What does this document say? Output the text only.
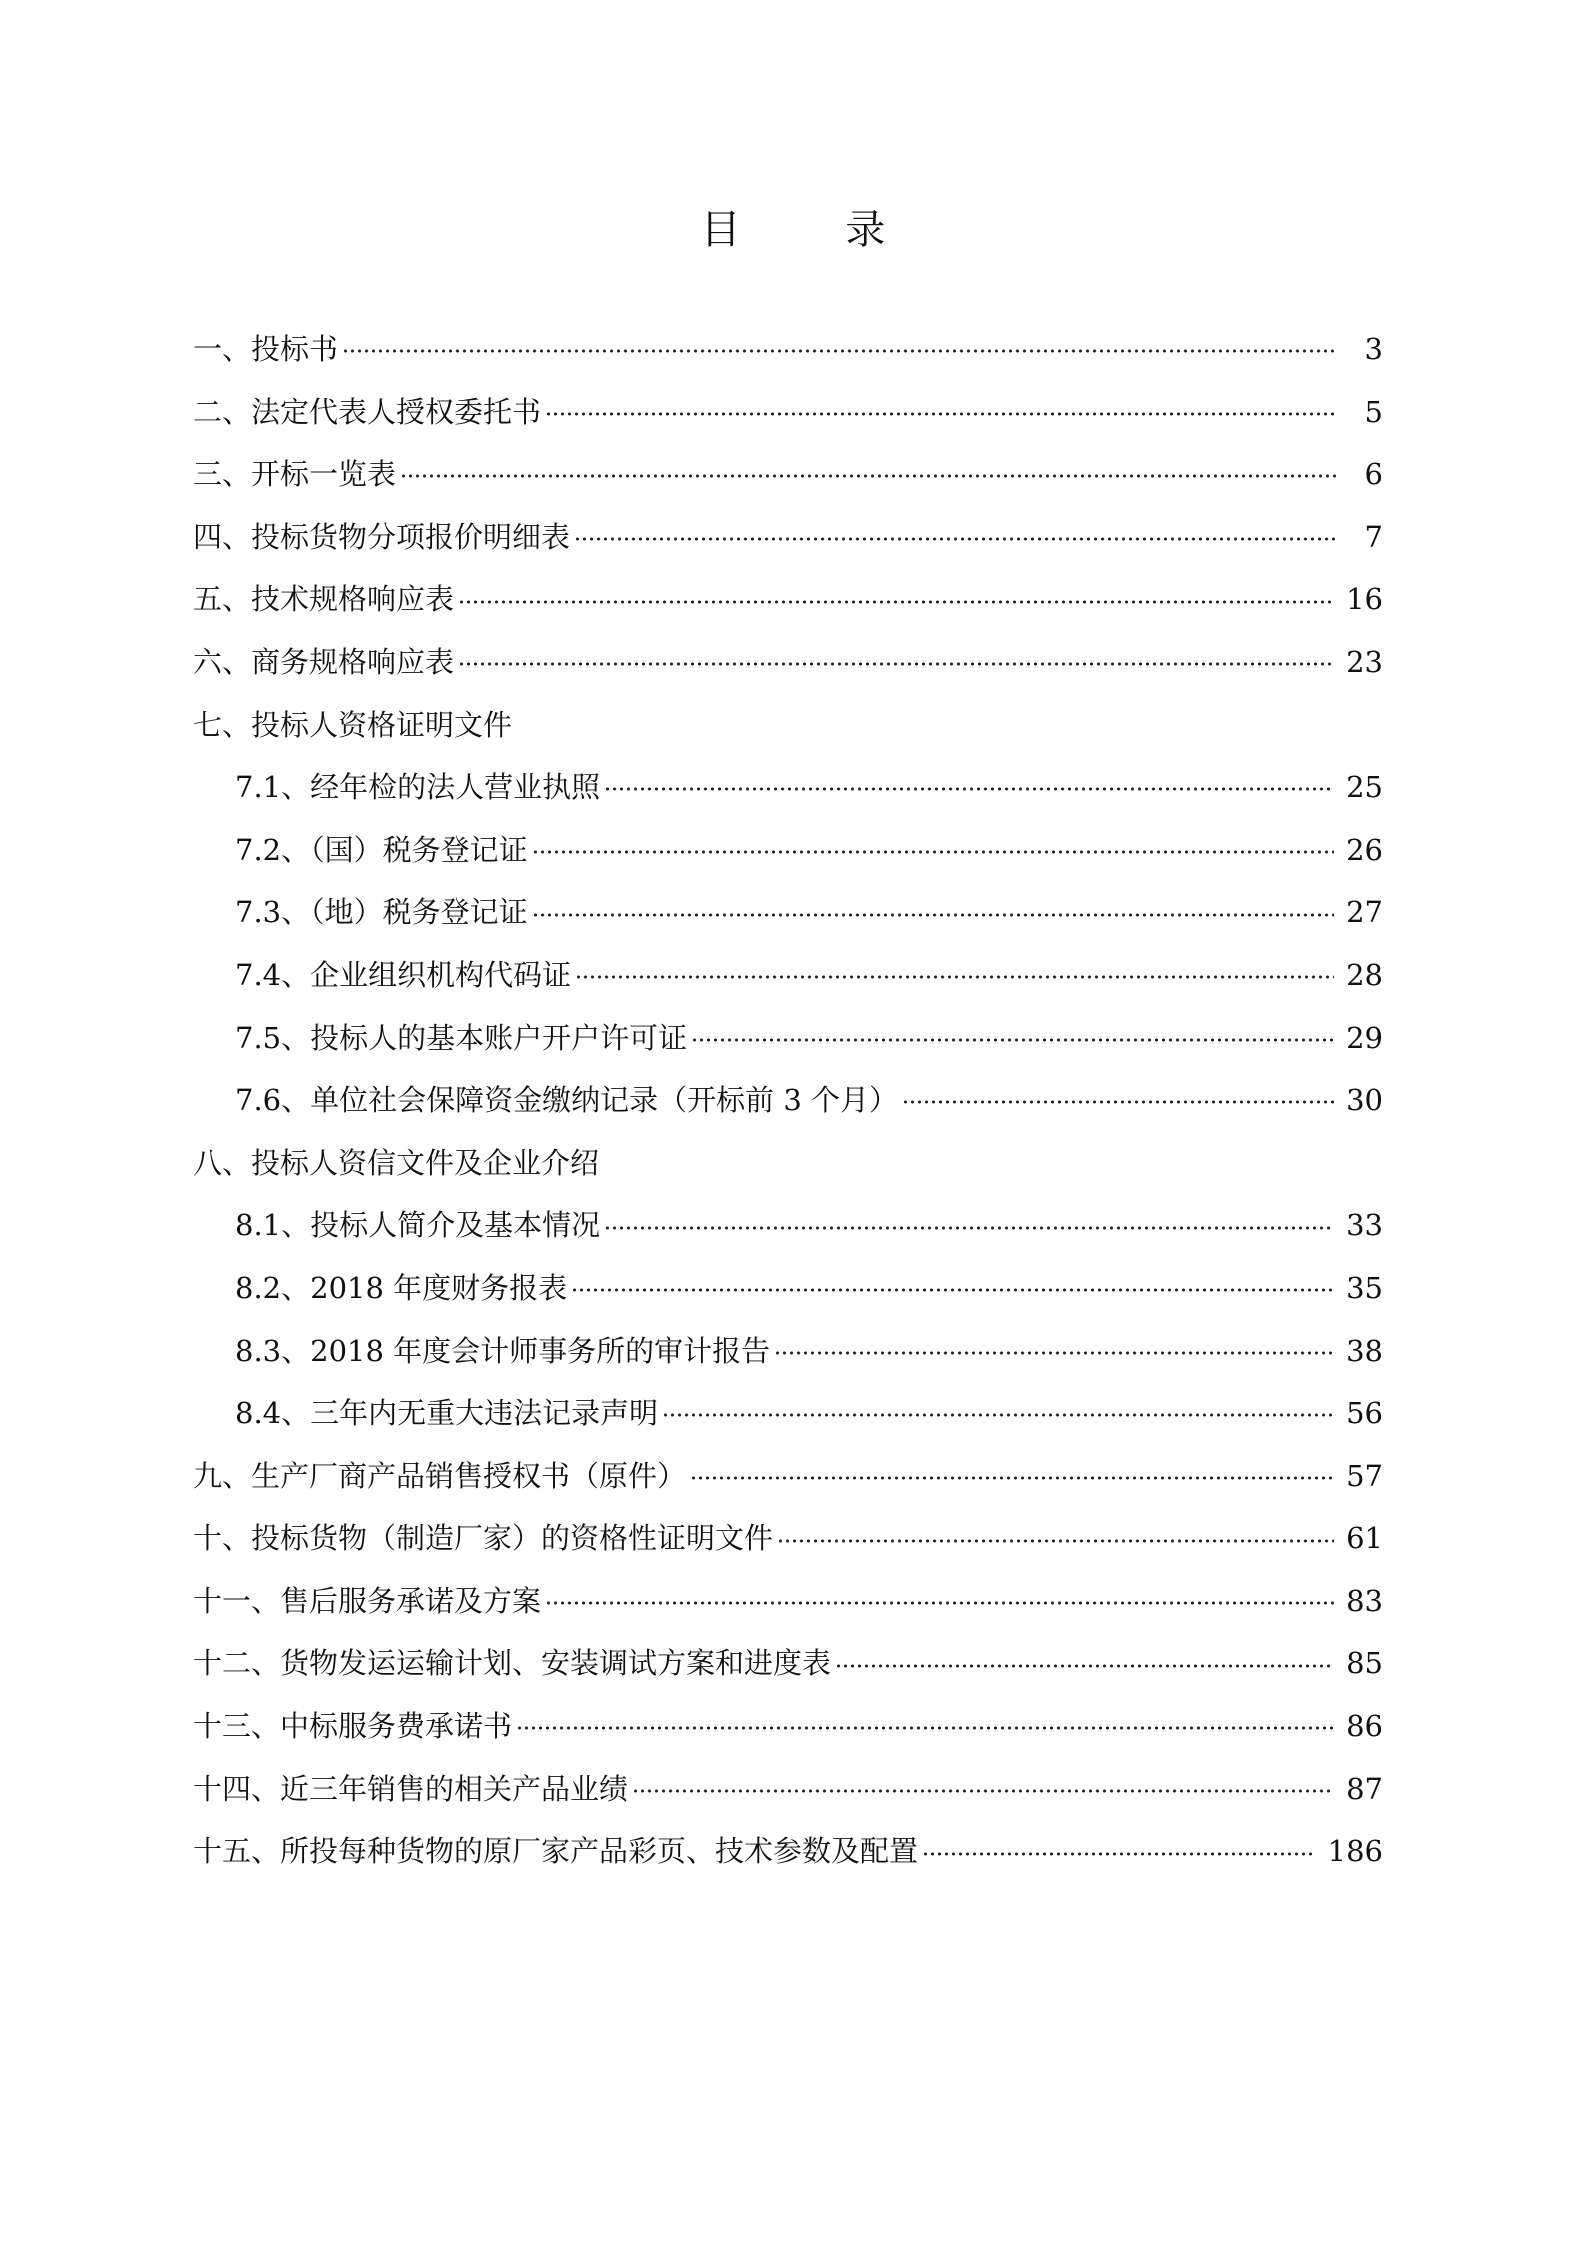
目 录
一、投标书	3
二、法定代表人授权委托书	5
三、开标一览表	6
四、投标货物分项报价明细表	7
五、技术规格响应表	16
六、商务规格响应表	23
七、投标人资格证明文件
7.1、经年检的法人营业执照	25
7.2、（国）税务登记证	26
7.3、（地）税务登记证	27
7.4、企业组织机构代码证	28
7.5、投标人的基本账户开户许可证	29
7.6、单位社会保障资金缴纳记录（开标前 3 个月）	30
八、投标人资信文件及企业介绍
8.1、投标人简介及基本情况	33
8.2、2018 年度财务报表	35
8.3、2018 年度会计师事务所的审计报告	38
8.4、三年内无重大违法记录声明	56
九、生产厂商产品销售授权书（原件）	57
十、投标货物（制造厂家）的资格性证明文件	61
十一、售后服务承诺及方案	83
十二、货物发运运输计划、安装调试方案和进度表	85
十三、中标服务费承诺书	86
十四、近三年销售的相关产品业绩	87
十五、所投每种货物的原厂家产品彩页、技术参数及配置	186
